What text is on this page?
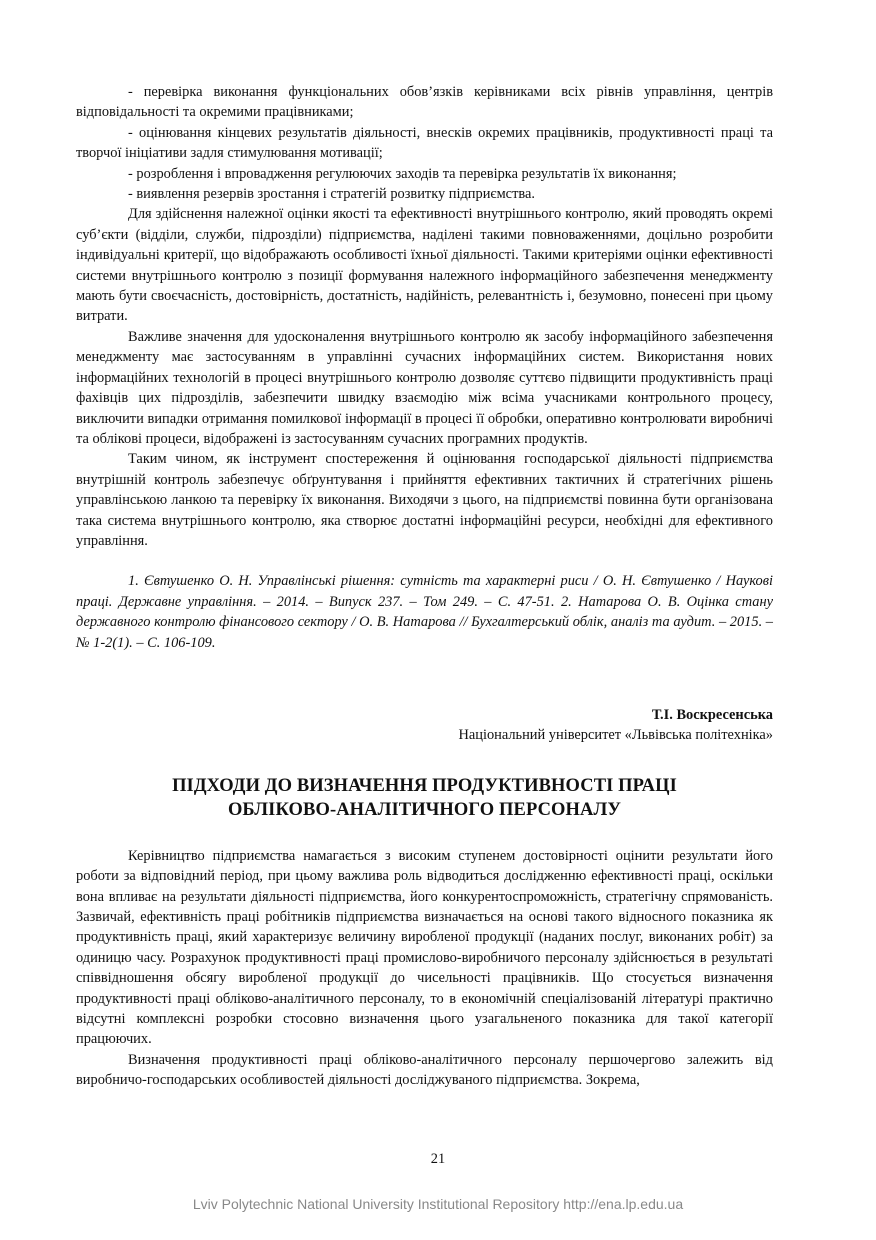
- перевірка виконання функціональних обов’язків керівниками всіх рівнів управління, центрів відповідальності та окремими працівниками;

- оцінювання кінцевих результатів діяльності, внесків окремих працівників, продуктивності праці та творчої ініціативи задля стимулювання мотивації;

- розроблення і впровадження регулюючих заходів та перевірка результатів їх виконання;

- виявлення резервів зростання і стратегій розвитку підприємства.

Для здійснення належної оцінки якості та ефективності внутрішнього контролю, який проводять окремі суб’єкти (відділи, служби, підрозділи) підприємства, наділені такими повноваженнями, доцільно розробити індивідуальні критерії, що відображають особливості їхньої діяльності. Такими критеріями оцінки ефективності системи внутрішнього контролю з позиції формування належного інформаційного забезпечення менеджменту мають бути своєчасність, достовірність, достатність, надійність, релевантність і, безумовно, понесені при цьому витрати.

Важливе значення для удосконалення внутрішнього контролю як засобу інформаційного забезпечення менеджменту має застосуванням в управлінні сучасних інформаційних систем. Використання нових інформаційних технологій в процесі внутрішнього контролю дозволяє суттєво підвищити продуктивність праці фахівців цих підрозділів, забезпечити швидку взаємодію між всіма учасниками контрольного процесу, виключити випадки отримання помилкової інформації в процесі її обробки, оперативно контролювати виробничі та облікові процеси, відображені із застосуванням сучасних програмних продуктів.

Таким чином, як інструмент спостереження й оцінювання господарської діяльності підприємства внутрішній контроль забезпечує обґрунтування і прийняття ефективних тактичних й стратегічних рішень управлінською ланкою та перевірку їх виконання. Виходячи з цього, на підприємстві повинна бути організована така система внутрішнього контролю, яка створює достатні інформаційні ресурси, необхідні для ефективного управління.

1. Євтушенко О. Н. Управлінські рішення: сутність та характерні риси / О. Н. Євтушенко / Наукові праці. Державне управління. – 2014. – Випуск 237. – Том 249. – С. 47-51. 2. Натарова О. В. Оцінка стану державного контролю фінансового сектору / О. В. Натарова // Бухгалтерський облік, аналіз та аудит. – 2015. – № 1-2(1). – С. 106-109.

Т.І. Воскресенська
Національний університет «Львівська політехніка»
ПІДХОДИ ДО ВИЗНАЧЕННЯ ПРОДУКТИВНОСТІ ПРАЦІ
ОБЛІКОВО-АНАЛІТИЧНОГО ПЕРСОНАЛУ

Керівництво підприємства намагається з високим ступенем достовірності оцінити результати його роботи за відповідний період, при цьому важлива роль відводиться дослідженню ефективності праці, оскільки вона впливає на результати діяльності підприємства, його конкурентоспроможність, стратегічну спрямованість. Зазвичай, ефективність праці робітників підприємства визначається на основі такого відносного показника як продуктивність праці, який характеризує величину виробленої продукції (наданих послуг, виконаних робіт) за одиницю часу. Розрахунок продуктивності праці промислово-виробничого персоналу здійснюється в результаті співвідношення обсягу виробленої продукції до чисельності працівників. Що стосується визначення продуктивності праці обліково-аналітичного персоналу, то в економічній спеціалізованій літературі практично відсутні комплексні розробки стосовно визначення цього узагальненого показника для такої категорії працюючих.

Визначення продуктивності праці обліково-аналітичного персоналу першочергово залежить від виробничо-господарських особливостей діяльності досліджуваного підприємства. Зокрема,

21
Lviv Polytechnic National University Institutional Repository http://ena.lp.edu.ua
